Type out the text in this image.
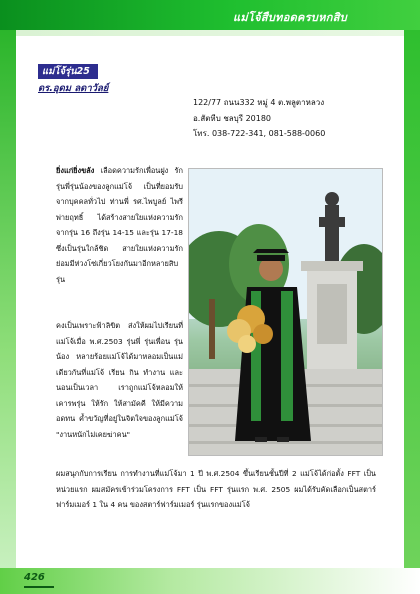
แม่โจ้สืบทอดครบหกสิบ
แม่โจ้รุ่น25
ดร.อุดม ลดาวัลย์
122/77 ถนน332 หมู่ 4 ต.พลูตาหลวง
อ.สัตหีบ ชลบุรี 20180
โทร. 038-722-341, 081-588-0060
ยิ่งแก่ยิ่งขลัง เลือดความรักเพื่อนฝูง รักรุ่นพี่รุ่นน้องของลูกแม่โจ้ เป็นที่ยอมรับจากบุคคลทั่วไป ท่านพี่ รศ.ไพบูลย์ ไพรีพ่ายฤทธิ์ ได้สร้างสายใยแห่งความรัก จากรุ่น 16 ถึงรุ่น 14-15 และรุ่น 17-18 ซึ่งเป็นรุ่นใกล้ชิด สายใยแห่งความรัก ย่อมมีห่วงโซ่เกี่ยวโยงกันมาอีกหลายสิบรุ่น
คงเป็นเพราะฟ้าลิขิต ส่งให้ผมไปเรียนที่แม่โจ้เมื่อ พ.ศ.2503 รุ่นพี่ รุ่นเพื่อน รุ่นน้อง หลายร้อยแม่โจ้ได้มาหลอมเป็นแม่เดียวกันที่แม่โจ้ เรียน กิน ทำงาน และนอนเป็นเวลา เราถูกแม่โจ้หลอมให้เคารพรุ่น ให้รัก ให้สามัคคี ให้มีความอดทน ค้ำขวัญที่อยู่ในจิตใจของลูกแม่โจ้ "งานหนักไม่เคยฆ่าคน"
ผมสนุกกับการเรียน การทำงานที่แม่โจ้มา 1 ปี พ.ศ.2504 ขึ้นเรียนชั้นปีที่ 2 แม่โจ้ได้ก่อตั้ง FFT เป็นหน่วยแรก ผมสมัครเข้าร่วมโครงการ FFT เป็น FFT รุ่นแรก พ.ศ. 2505 ผมได้รับคัดเลือกเป็นสตาร์ฟาร์มเมอร์ 1 ใน 4 คน ของสตาร์ฟาร์มเมอร์ รุ่นแรกของแม่โจ้
426
